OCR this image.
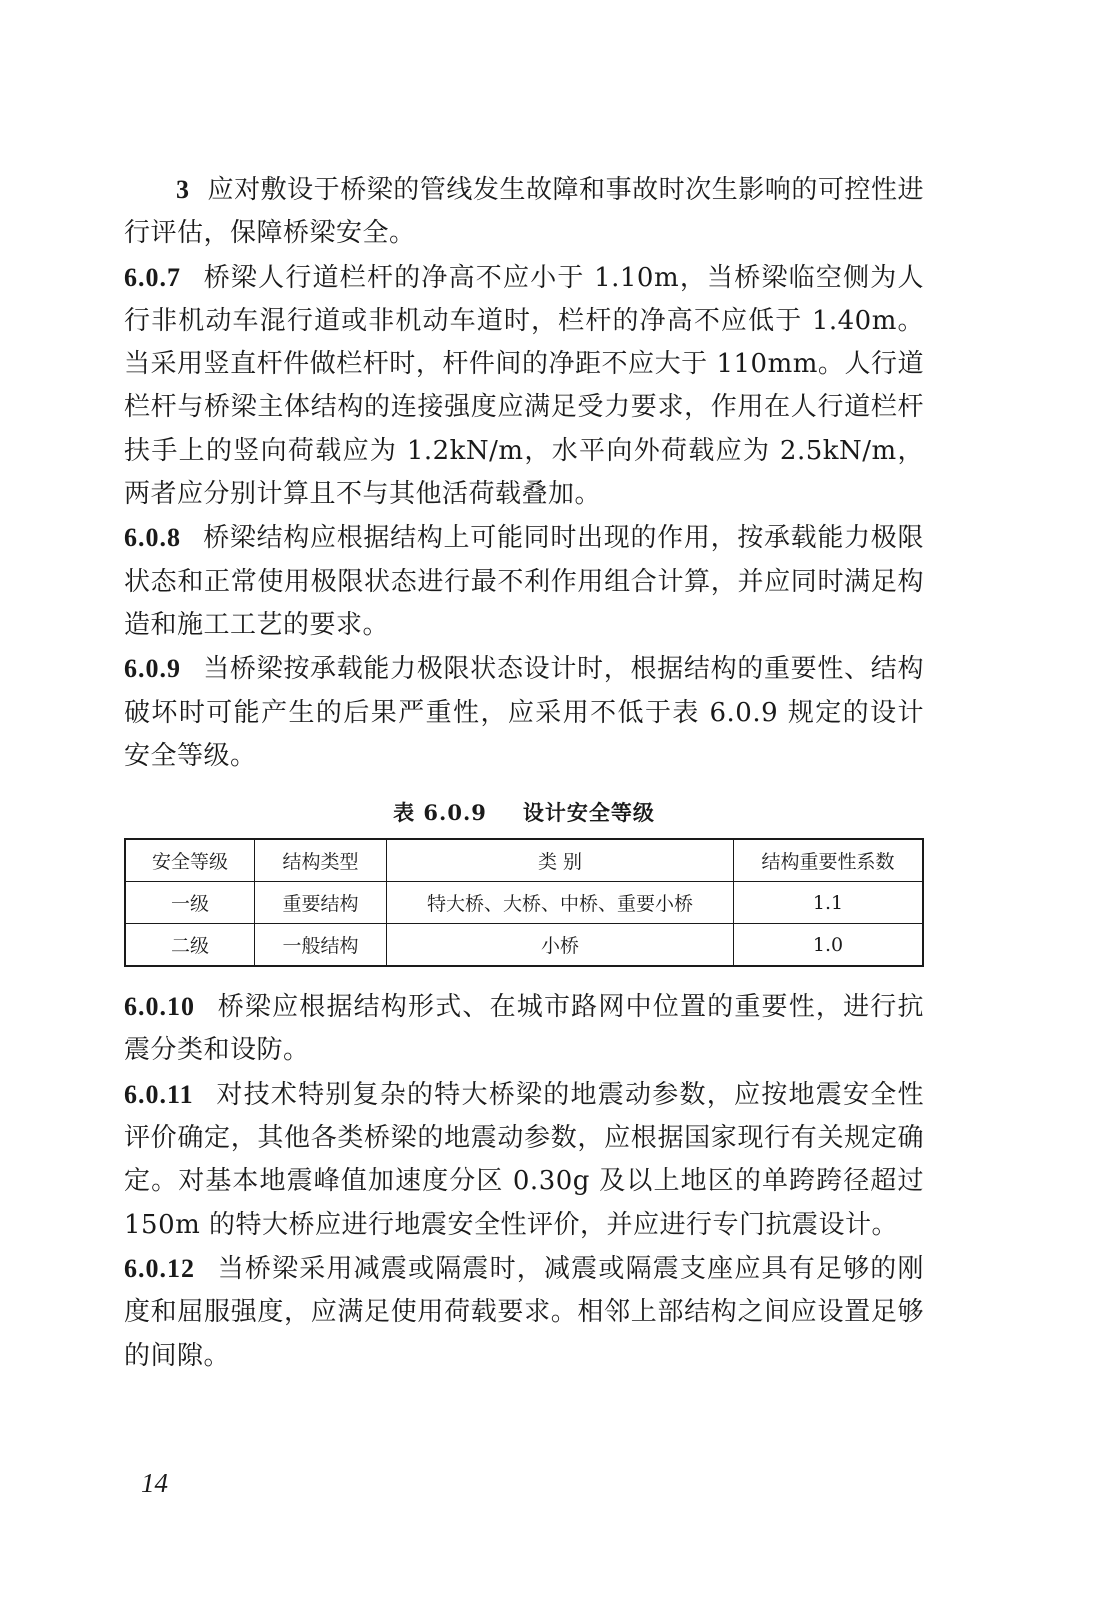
3 应对敷设于桥梁的管线发生故障和事故时次生影响的可控性进行评估，保障桥梁安全。

6.0.7 桥梁人行道栏杆的净高不应小于 1.10m，当桥梁临空侧为人行非机动车混行道或非机动车道时，栏杆的净高不应低于 1.40m。当采用竖直杆件做栏杆时，杆件间的净距不应大于 110mm。人行道栏杆与桥梁主体结构的连接强度应满足受力要求，作用在人行道栏杆扶手上的竖向荷载应为 1.2kN/m，水平向外荷载应为 2.5kN/m，两者应分别计算且不与其他活荷载叠加。

6.0.8 桥梁结构应根据结构上可能同时出现的作用，按承载能力极限状态和正常使用极限状态进行最不利作用组合计算，并应同时满足构造和施工工艺的要求。

6.0.9 当桥梁按承载能力极限状态设计时，根据结构的重要性、结构破坏时可能产生的后果严重性，应采用不低于表 6.0.9 规定的设计安全等级。

表 6.0.9 设计安全等级
安全等级	结构类型	类 别	结构重要性系数
一级	重要结构	特大桥、大桥、中桥、重要小桥	1.1
二级	一般结构	小桥	1.0

6.0.10 桥梁应根据结构形式、在城市路网中位置的重要性，进行抗震分类和设防。

6.0.11 对技术特别复杂的特大桥梁的地震动参数，应按地震安全性评价确定，其他各类桥梁的地震动参数，应根据国家现行有关规定确定。对基本地震峰值加速度分区 0.30g 及以上地区的单跨跨径超过 150m 的特大桥应进行地震安全性评价，并应进行专门抗震设计。

6.0.12 当桥梁采用减震或隔震时，减震或隔震支座应具有足够的刚度和屈服强度，应满足使用荷载要求。相邻上部结构之间应设置足够的间隙。

14
